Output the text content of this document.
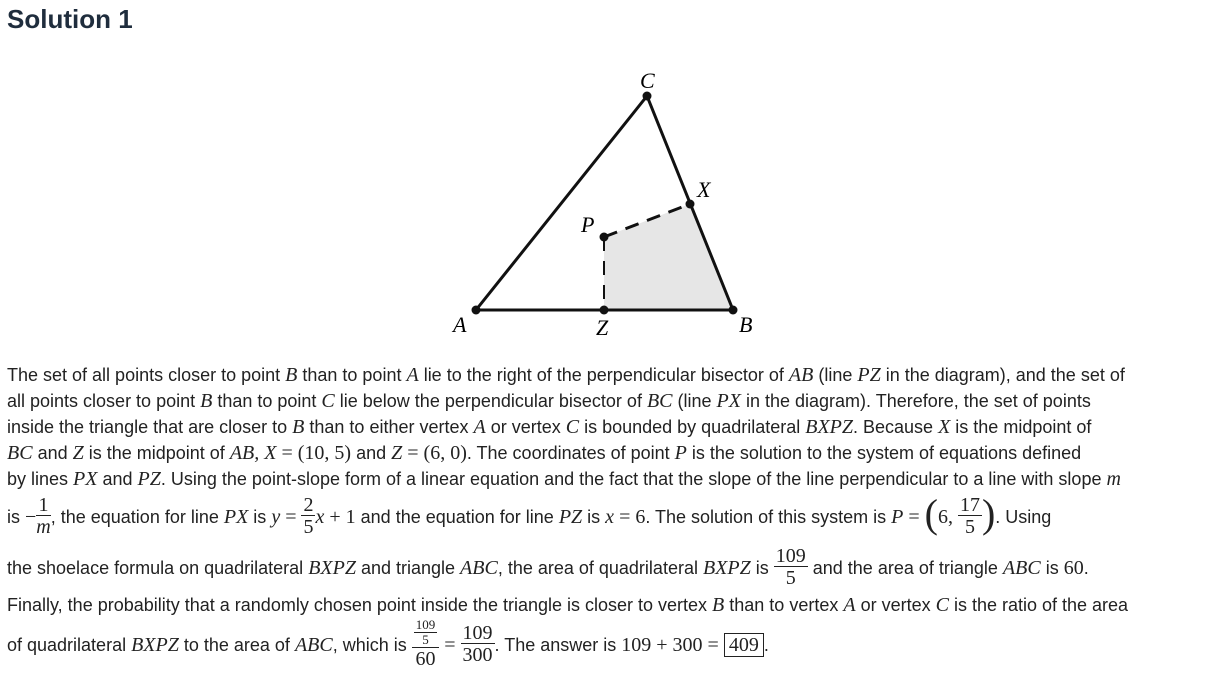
Solution 1
C
X
P
A	Z	B
The set of all points closer to point B than to point A lie to the right of the perpendicular bisector of AB (line PZ in the diagram), and the set of
all points closer to point B than to point C lie below the perpendicular bisector of BC (line PX in the diagram). Therefore, the set of points
inside the triangle that are closer to B than to either vertex A or vertex C is bounded by quadrilateral BXPZ. Because X is the midpoint of
BC and Z is the midpoint of AB, X = (10, 5) and Z = (6, 0). The coordinates of point P is the solution to the system of equations defined
by lines PX and PZ. Using the point-slope form of a linear equation and the fact that the slope of the line perpendicular to a line with slope m
is − $\frac{1}{m}$ , the equation for line PX is $y = \frac{2}{5}$ x + 1 and the equation for line PZ is x = 6. The solution of this system is P = (6, $\frac{17}{5}$ ). Using
the shoelace formula on quadrilateral BXPZ and triangle ABC, the area of quadrilateral BXPZ is $\frac{109}{5}$ and the area of triangle ABC is 60.
Finally, the probability that a randomly chosen point inside the triangle is closer to vertex B than to vertex A or vertex C is the ratio of the area
of quadrilateral BXPZ to the area of ABC, which is $\frac{\frac{109}{5}}{60} = \frac{109}{300}$ . The answer is 109 + 300 = 409 .
